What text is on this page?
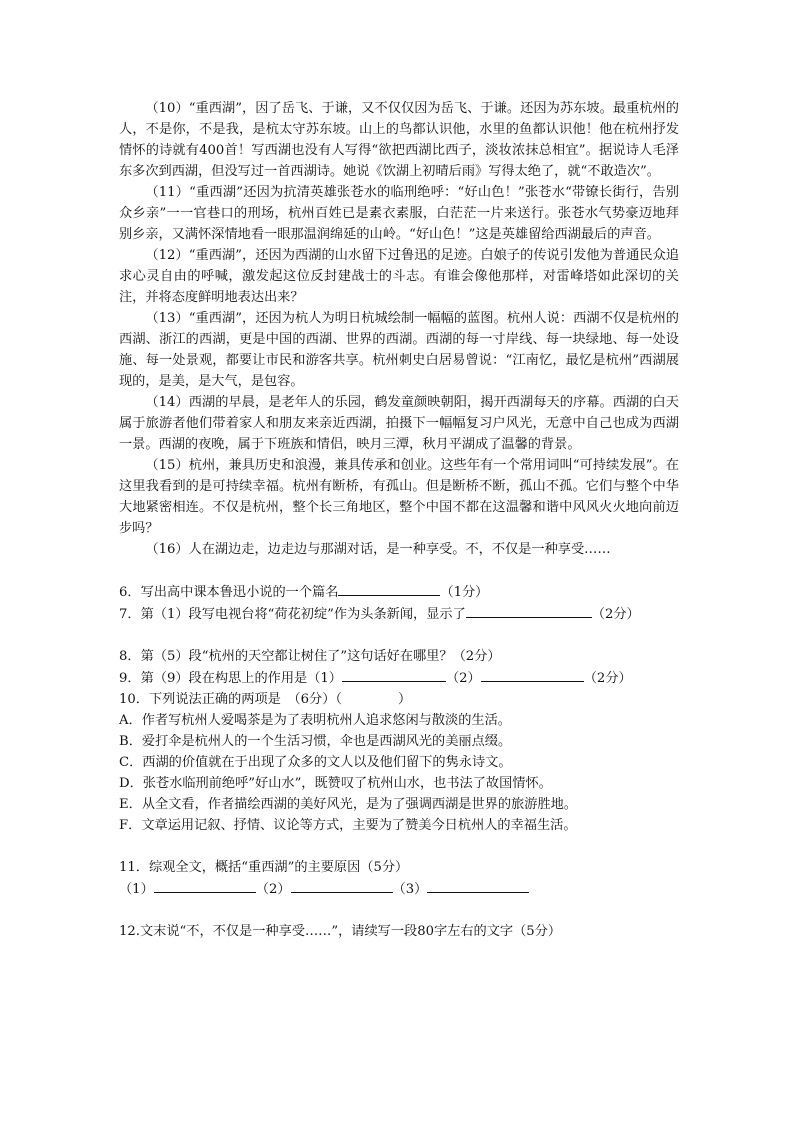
（10）“重西湖”，因了岳飞、于谦，又不仅仅因为岳飞、于谦。还因为苏东坡。最重杭州的人，不是你，不是我，是杭太守苏东坡。山上的鸟都认识他，水里的鱼都认识他！他在杭州抒发情怀的诗就有400首！写西湖也没有人写得“欲把西湖比西子，淡妆浓抹总相宜”。据说诗人毛泽东多次到西湖，但没写过一首西湖诗。她说《饮湖上初晴后雨》写得太绝了，就“不敢造次”。

（11）“重西湖”还因为抗清英雄张苍水的临刑绝呼：“好山色！”张苍水“带镣长街行，告别众乡亲”一一官巷口的刑场，杭州百姓已是素衣素服，白茫茫一片来送行。张苍水气势豪迈地拜别乡亲，又满怀深情地看一眼那温润绵延的山岭。“好山色！”这是英雄留给西湖最后的声音。

（12）“重西湖”，还因为西湖的山水留下过鲁迅的足迹。白娘子的传说引发他为普通民众追求心灵自由的呼喊，激发起这位反封建战士的斗志。有谁会像他那样，对雷峰塔如此深切的关注，并将态度鲜明地表达出来？

（13）“重西湖”，还因为杭人为明日杭城绘制一幅幅的蓝图。杭州人说：西湖不仅是杭州的西湖、浙江的西湖，更是中国的西湖、世界的西湖。西湖的每一寸岸线、每一块绿地、每一处设施、每一处景观，都要让市民和游客共享。杭州刺史白居易曾说：“江南忆，最忆是杭州”西湖展现的，是美，是大气，是包容。

（14）西湖的早晨，是老年人的乐园，鹤发童颜映朝阳，揭开西湖每天的序幕。西湖的白天属于旅游者他们带着家人和朋友来亲近西湖，拍摄下一幅幅复习户风光，无意中自己也成为西湖一景。西湖的夜晚，属于下班族和情侣，映月三潭，秋月平湖成了温馨的背景。

（15）杭州，兼具历史和浪漫，兼具传承和创业。这些年有一个常用词叫“可持续发展”。在这里我看到的是可持续幸福。杭州有断桥，有孤山。但是断桥不断，孤山不孤。它们与整个中华大地紧密相连。不仅是杭州，整个长三角地区，整个中国不都在这温馨和谐中风风火火地向前迈步吗？

（16）人在湖边走，边走边与那湖对话，是一种享受。不，不仅是一种享受……

6．写出高中课本鲁迅小说的一个篇名	（1分）

7．第（1）段写电视台将“荷花初绽”作为头条新闻，显示了	（2分）

8．第（5）段“杭州的天空都让树住了”这句话好在哪里？（2分）

9．第（9）段在构思上的作用是（1）	（2）	（2分）

10．下列说法正确的两项是　（6分）（	）

A．作者写杭州人爱喝茶是为了表明杭州人追求悠闲与散淡的生活。

B．爱打伞是杭州人的一个生活习惯，伞也是西湖风光的美丽点缀。

C．西湖的价值就在于出现了众多的文人以及他们留下的隽永诗文。

D．张苍水临刑前绝呼”好山水”，既赞叹了杭州山水，也书法了故国情怀。

E．从全文看，作者描绘西湖的美好风光，是为了强调西湖是世界的旅游胜地。

F．文章运用记叙、抒情、议论等方式，主要为了赞美今日杭州人的幸福生活。

11．综观全文，概括“重西湖”的主要原因（5分）

（1）	（2）	（3）

12.文末说“不，不仅是一种享受……”，请续写一段80字左右的文字（5分）
